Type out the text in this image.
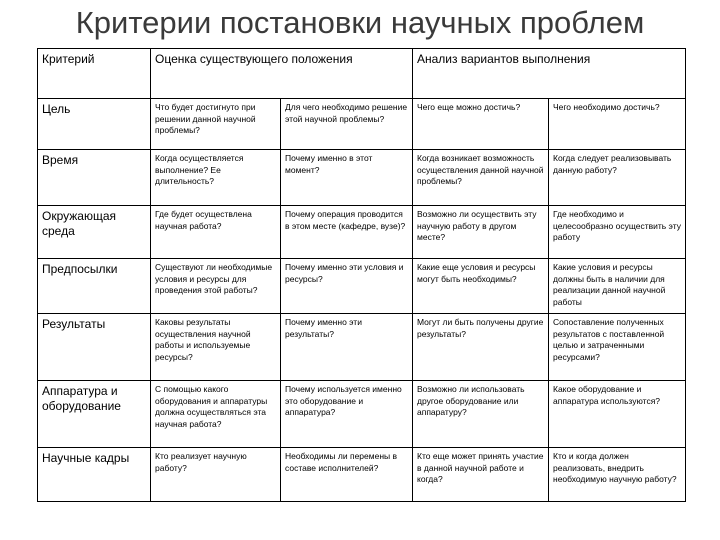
Критерии постановки научных проблем
Критерий	Оценка существующего положения		Анализ вариантов выполнения	
Цель	Что будет достигнуто при решении данной научной проблемы?	Для чего необходимо решение этой научной проблемы?	Чего еще можно достичь?	Чего необходимо достичь?
Время	Когда осуществляется выполнение? Ее длительность?	Почему именно в этот момент?	Когда возникает возможность осуществления данной научной проблемы?	Когда следует реализовывать данную работу?
Окружающая среда	Где будет осуществлена научная работа?	Почему операция проводится в этом месте (кафедре, вузе)?	Возможно ли осуществить эту научную работу в другом месте?	Где необходимо и целесообразно осуществить эту работу
Предпосылки	Существуют ли необходимые условия и ресурсы для проведения этой работы?	Почему именно эти условия и ресурсы?	Какие еще условия и ресурсы могут быть необходимы?	Какие условия и ресурсы должны быть в наличии для реализации данной научной работы
Результаты	Каковы результаты осуществления научной работы и используемые ресурсы?	Почему именно эти результаты?	Могут ли быть получены другие результаты?	Сопоставление полученных результатов с поставленной целью и затраченными ресурсами?
Аппаратура и оборудование	С помощью какого оборудования и аппаратуры должна осуществляться эта научная работа?	Почему используется именно это оборудование и аппаратура?	Возможно ли использовать другое оборудование или аппаратуру?	Какое оборудование и аппаратура используются?
Научные кадры	Кто реализует научную работу?	Необходимы ли перемены в составе исполнителей?	Кто еще может принять участие в данной научной работе и когда?	Кто и когда должен реализовать, внедрить необходимую научную работу?
